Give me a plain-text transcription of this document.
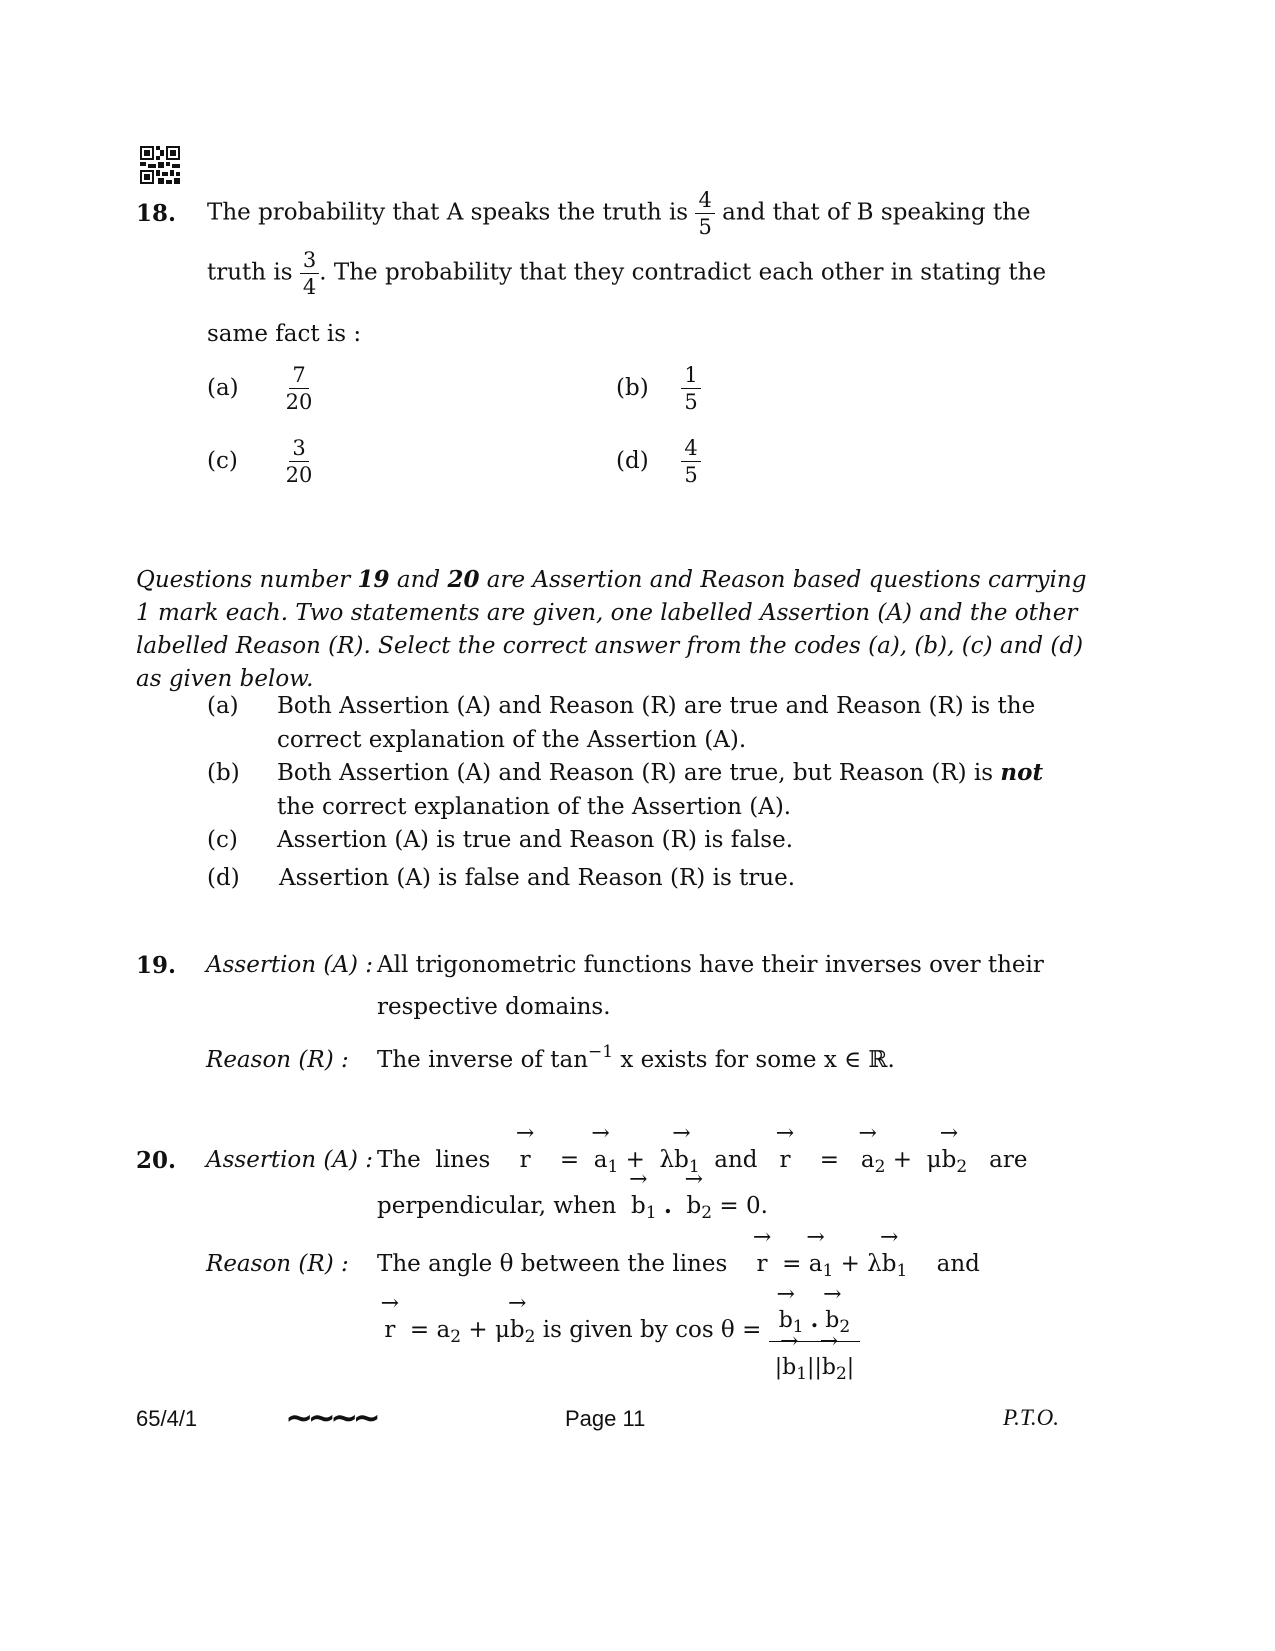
18. The probability that A speaks the truth is $\frac{4}{5}$ and that of B speaking the
truth is $\frac{3}{4}$ . The probability that they contradict each other in stating the
same fact is :
$(a) \frac{7}{20}$	$(b) \frac{1}{5}$
$(c) \frac{3}{20}$	$(d) \frac{4}{5}$
Questions number 19 and 20 are Assertion and Reason based questions carrying
1 mark each. Two statements are given, one labelled Assertion (A) and the other
labelled Reason (R). Select the correct answer from the codes (a), (b), (c) and (d)
as given below.
(a) Both Assertion (A) and Reason (R) are true and Reason (R) is the
correct explanation of the Assertion (A).
(b) Both Assertion (A) and Reason (R) are true, but Reason (R) is not
the correct explanation of the Assertion (A).
(c) Assertion (A) is true and Reason (R) is false.
(d) Assertion (A) is false and Reason (R) is true.
19. Assertion (A) : All trigonometric functions have their inverses over their
respective domains.
Reason (R) : The inverse of $\tan^{-1} x$ exists for some x ∈ ℝ.
20. Assertion (A) : The lines → r    =  → $a_1 + \lambda\to b_1$ and → r    =   → $a_2 + \mu\to b_2$ are
perpendicular, when → $b_1$ . → $b_2 = 0$.
Reason (R) : The angle θ between the lines → r  = → $a_1 + \lambda\to b_1$ and
→ $r = a_2 + \mu\to b_2$ is given by cos θ = → $\frac{b_1 . \to b_2}{|\to b_1||\to b_2|}$
65/4/1	∼∼∼∼	Page 11	P.T.O.
